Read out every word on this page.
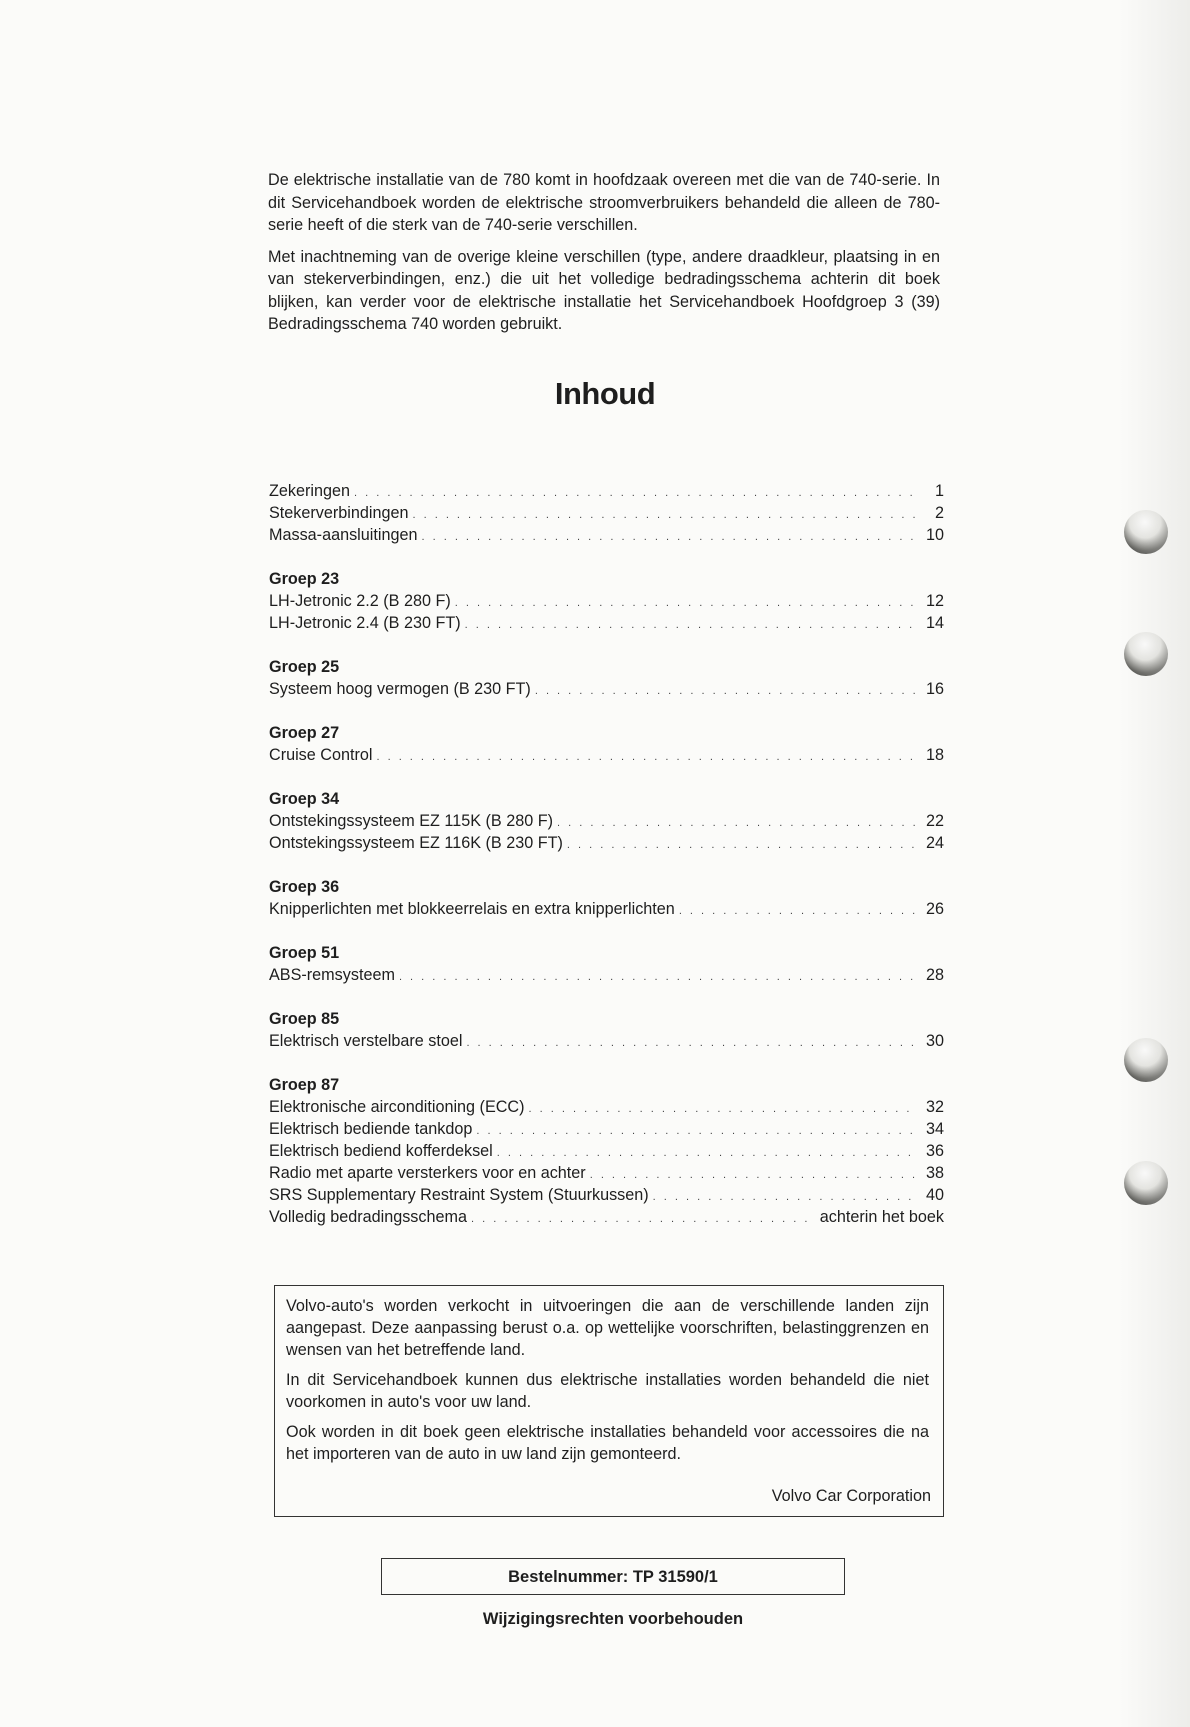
De elektrische installatie van de 780 komt in hoofdzaak overeen met die van de 740-serie. In dit Servicehandboek worden de elektrische stroomverbruikers behandeld die alleen de 780-serie heeft of die sterk van de 740-serie verschillen.

Met inachtneming van de overige kleine verschillen (type, andere draadkleur, plaatsing in en van stekerverbindingen, enz.) die uit het volledige bedradingsschema achterin dit boek blijken, kan verder voor de elektrische installatie het Servicehandboek Hoofdgroep 3 (39) Bedradingsschema 740 worden gebruikt.

Inhoud
Zekeringen . . .	1
Stekerverbindingen . . .	2
Massa-aansluitingen . . .	10
Groep 23
LH-Jetronic 2.2 (B 280 F) . . .	12
LH-Jetronic 2.4 (B 230 FT) . . .	14
Groep 25
Systeem hoog vermogen (B 230 FT) . . .	16
Groep 27
Cruise Control . . .	18
Groep 34
Ontstekingssysteem EZ 115K (B 280 F) . . .	22
Ontstekingssysteem EZ 116K (B 230 FT) . . .	24
Groep 36
Knipperlichten met blokkeerrelais en extra knipperlichten . . .	26
Groep 51
ABS-remsysteem . . .	28
Groep 85
Elektrisch verstelbare stoel . . .	30
Groep 87
Elektronische airconditioning (ECC) . . .	32
Elektrisch bediende tankdop . . .	34
Elektrisch bediend kofferdeksel . . .	36
Radio met aparte versterkers voor en achter . . .	38
SRS Supplementary Restraint System (Stuurkussen) . . .	40
Volledig bedradingsschema . . .	achterin het boek

Volvo-auto's worden verkocht in uitvoeringen die aan de verschillende landen zijn aangepast. Deze aanpassing berust o.a. op wettelijke voorschriften, belastinggrenzen en wensen van het betreffende land.

In dit Servicehandboek kunnen dus elektrische installaties worden behandeld die niet voorkomen in auto's voor uw land.

Ook worden in dit boek geen elektrische installaties behandeld voor accessoires die na het importeren van de auto in uw land zijn gemonteerd.

Volvo Car Corporation
Bestelnummer: TP 31590/1
Wijzigingsrechten voorbehouden
